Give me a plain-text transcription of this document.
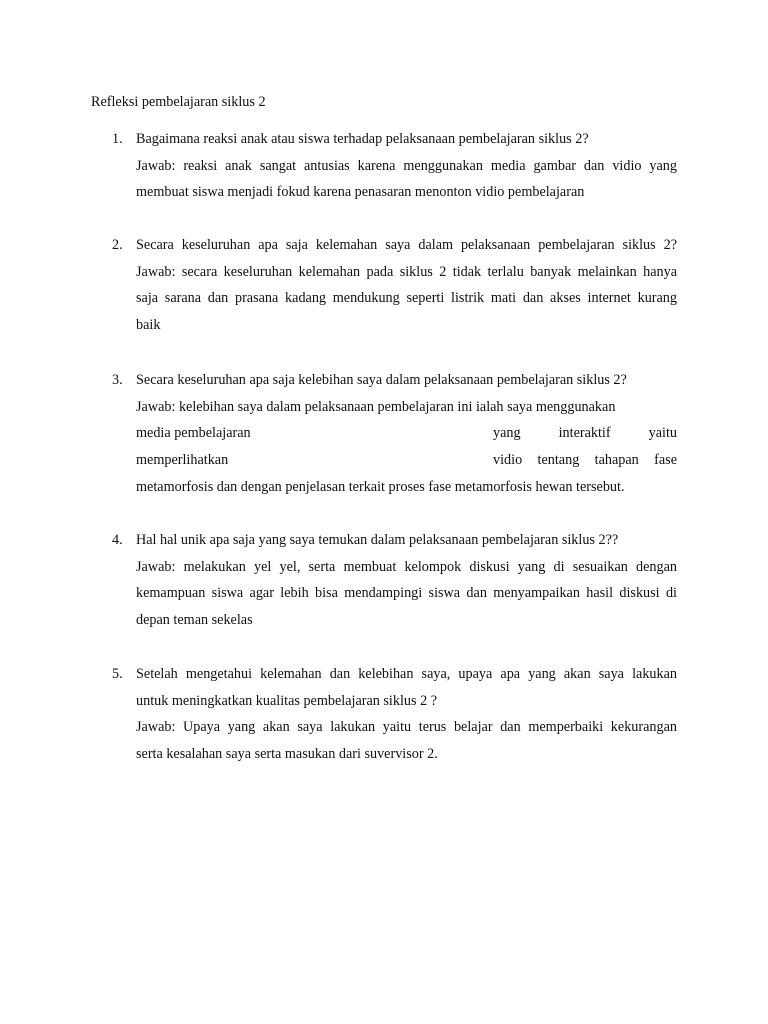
Refleksi pembelajaran siklus 2
1. Bagaimana reaksi anak atau siswa terhadap pelaksanaan pembelajaran siklus 2?
Jawab: reaksi anak sangat antusias karena menggunakan media gambar dan vidio yang
membuat siswa menjadi fokud karena penasaran menonton vidio pembelajaran
2. Secara keseluruhan apa saja kelemahan saya dalam pelaksanaan pembelajaran siklus 2?
Jawab: secara keseluruhan kelemahan pada siklus 2 tidak terlalu banyak melainkan hanya
saja sarana dan prasana kadang mendukung seperti listrik mati dan akses internet kurang
baik
3. Secara keseluruhan apa saja kelebihan saya dalam pelaksanaan pembelajaran siklus 2?
Jawab: kelebihan saya dalam pelaksanaan pembelajaran ini ialah saya menggunakan
media pembelajaran	yang interaktif yaitu
memperlihatkan	vidio tentang tahapan fase
metamorfosis dan dengan penjelasan terkait proses fase metamorfosis hewan tersebut.
4. Hal hal unik apa saja yang saya temukan dalam pelaksanaan pembelajaran siklus 2??
Jawab: melakukan yel yel, serta membuat kelompok diskusi yang di sesuaikan dengan
kemampuan siswa agar lebih bisa mendampingi siswa dan menyampaikan hasil diskusi di
depan teman sekelas
5. Setelah mengetahui kelemahan dan kelebihan saya, upaya apa yang akan saya lakukan
untuk meningkatkan kualitas pembelajaran siklus 2 ?
Jawab: Upaya yang akan saya lakukan yaitu terus belajar dan memperbaiki kekurangan
serta kesalahan saya serta masukan dari suvervisor 2.
